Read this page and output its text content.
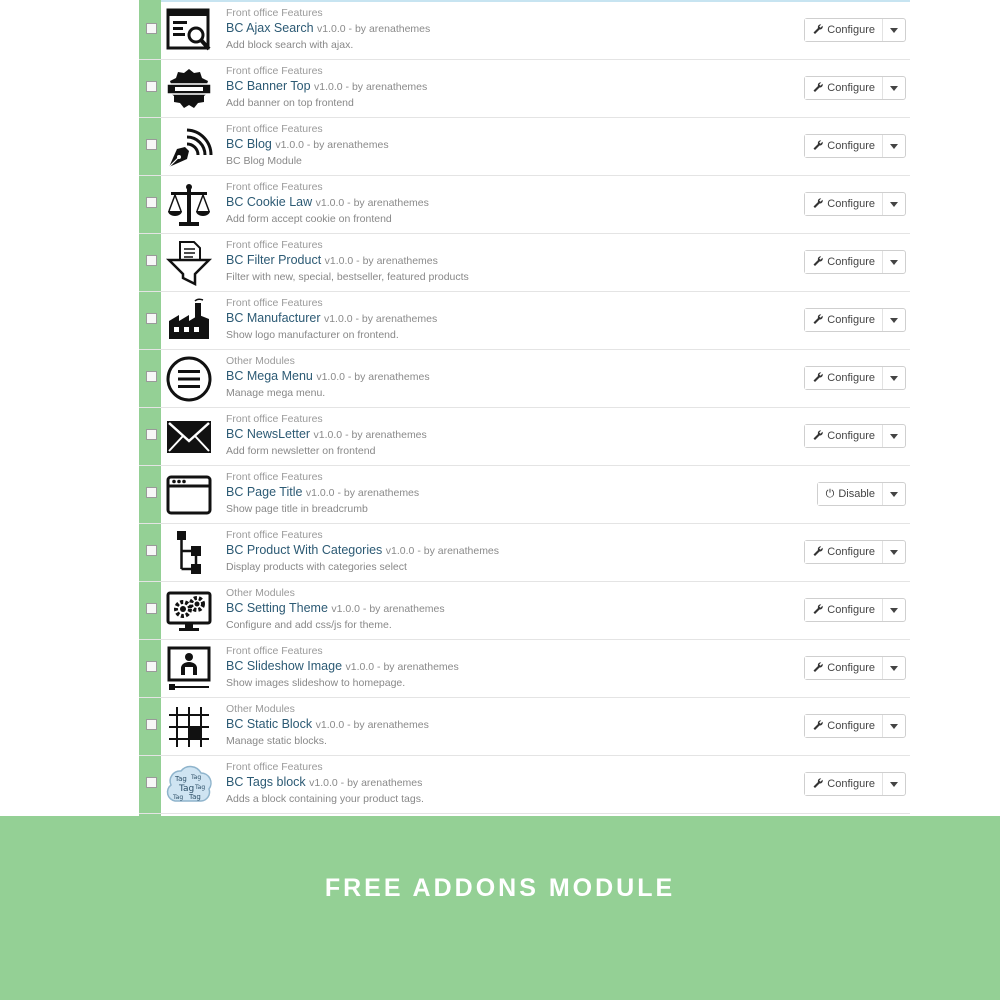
Front office Features
BC Ajax Search v1.0.0 - by arenathemes
Add block search with ajax.
Configure
Front office Features
BC Banner Top v1.0.0 - by arenathemes
Add banner on top frontend
Configure
Front office Features
BC Blog v1.0.0 - by arenathemes
BC Blog Module
Configure
Front office Features
BC Cookie Law v1.0.0 - by arenathemes
Add form accept cookie on frontend
Configure
Front office Features
BC Filter Product v1.0.0 - by arenathemes
Filter with new, special, bestseller, featured products
Configure
Front office Features
BC Manufacturer v1.0.0 - by arenathemes
Show logo manufacturer on frontend.
Configure
Other Modules
BC Mega Menu v1.0.0 - by arenathemes
Manage mega menu.
Configure
Front office Features
BC NewsLetter v1.0.0 - by arenathemes
Add form newsletter on frontend
Configure
Front office Features
BC Page Title v1.0.0 - by arenathemes
Show page title in breadcrumb
⏻ Disable
Front office Features
BC Product With Categories v1.0.0 - by arenathemes
Display products with categories select
Configure
Other Modules
BC Setting Theme v1.0.0 - by arenathemes
Configure and add css/js for theme.
Configure
Front office Features
BC Slideshow Image v1.0.0 - by arenathemes
Show images slideshow to homepage.
Configure
Other Modules
BC Static Block v1.0.0 - by arenathemes
Manage static blocks.
Configure
Tag Tag
Tag Tag
Tag Tag
Front office Features
BC Tags block v1.0.0 - by arenathemes
Adds a block containing your product tags.
Configure
FREE ADDONS MODULE
